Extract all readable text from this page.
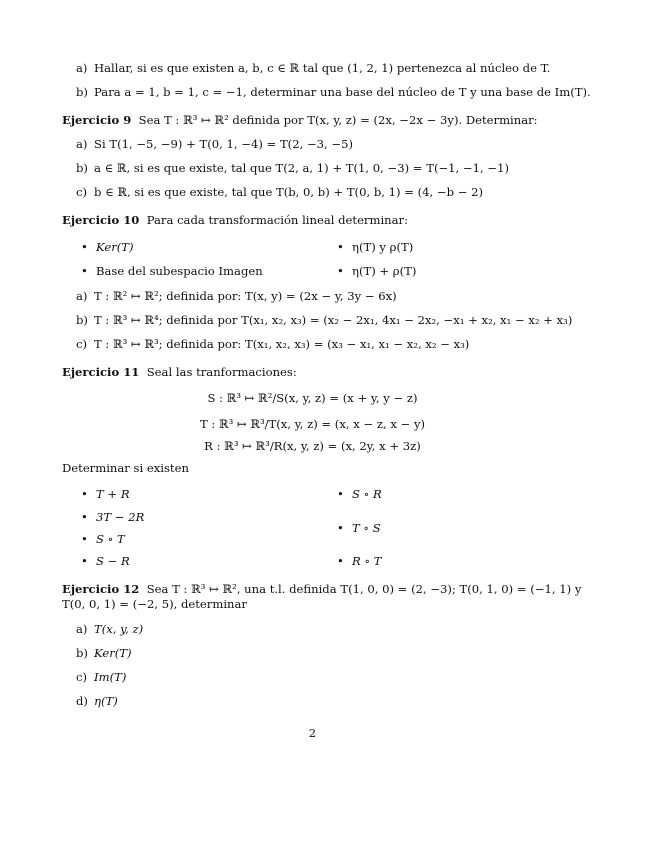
a) Hallar, si es que existen a, b, c ∈ ℝ tal que (1, 2, 1) pertenezca al núcleo de T.
b) Para a = 1, b = 1, c = −1, determinar una base del núcleo de T y una base de Im(T).
Ejercicio 9 Sea T : ℝ³ ↦ ℝ² definida por T(x, y, z) = (2x, −2x − 3y). Determinar:
a) Si T(1, −5, −9) + T(0, 1, −4) = T(2, −3, −5)
b) a ∈ ℝ, si es que existe, tal que T(2, a, 1) + T(1, 0, −3) = T(−1, −1, −1)
c) b ∈ ℝ, si es que existe, tal que T(b, 0, b) + T(0, b, 1) = (4, −b − 2)
Ejercicio 10 Para cada transformación lineal determinar:
• Ker(T)	• η(T) y ρ(T)
• Base del subespacio Imagen	• η(T) + ρ(T)
a) T : ℝ² ↦ ℝ²; definida por: T(x, y) = (2x − y, 3y − 6x)
b) T : ℝ³ ↦ ℝ⁴; definida por T(x₁, x₂, x₃) = (x₂ − 2x₁, 4x₁ − 2x₂, −x₁ + x₂, x₁ − x₂ + x₃)
c) T : ℝ³ ↦ ℝ³; definida por: T(x₁, x₂, x₃) = (x₃ − x₁, x₁ − x₂, x₂ − x₃)
Ejercicio 11 Seal las tranformaciones:
S : ℝ³ ↦ ℝ²/S(x, y, z) = (x + y, y − z)
T : ℝ³ ↦ ℝ³/T(x, y, z) = (x, x − z, x − y)
R : ℝ³ ↦ ℝ³/R(x, y, z) = (x, 2y, x + 3z)
Determinar si existen
• T + R
• 3T − 2R
• S ∘ T
• S − R
• S ∘ R
• T ∘ S
• R ∘ T
Ejercicio 12 Sea T : ℝ³ ↦ ℝ², una t.l. definida T(1, 0, 0) = (2, −3); T(0, 1, 0) = (−1, 1) y
T(0, 0, 1) = (−2, 5), determinar
a) T(x, y, z)
b) Ker(T)
c) Im(T)
d) η(T)
2
